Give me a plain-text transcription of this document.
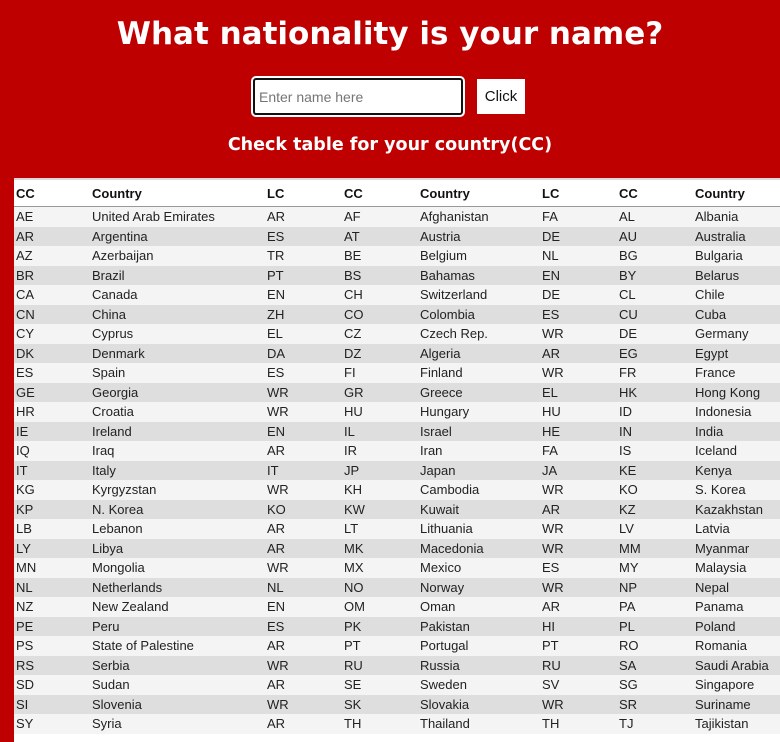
What nationality is your name?
Enter name here
Click
Check table for your country(CC)
CC	Country	LC	CC	Country	LC	CC	Country
AE	United Arab Emirates	AR	AF	Afghanistan	FA	AL	Albania
AR	Argentina	ES	AT	Austria	DE	AU	Australia
AZ	Azerbaijan	TR	BE	Belgium	NL	BG	Bulgaria
BR	Brazil	PT	BS	Bahamas	EN	BY	Belarus
CA	Canada	EN	CH	Switzerland	DE	CL	Chile
CN	China	ZH	CO	Colombia	ES	CU	Cuba
CY	Cyprus	EL	CZ	Czech Rep.	WR	DE	Germany
DK	Denmark	DA	DZ	Algeria	AR	EG	Egypt
ES	Spain	ES	FI	Finland	WR	FR	France
GE	Georgia	WR	GR	Greece	EL	HK	Hong Kong
HR	Croatia	WR	HU	Hungary	HU	ID	Indonesia
IE	Ireland	EN	IL	Israel	HE	IN	India
IQ	Iraq	AR	IR	Iran	FA	IS	Iceland
IT	Italy	IT	JP	Japan	JA	KE	Kenya
KG	Kyrgyzstan	WR	KH	Cambodia	WR	KO	S. Korea
KP	N. Korea	KO	KW	Kuwait	AR	KZ	Kazakhstan
LB	Lebanon	AR	LT	Lithuania	WR	LV	Latvia
LY	Libya	AR	MK	Macedonia	WR	MM	Myanmar
MN	Mongolia	WR	MX	Mexico	ES	MY	Malaysia
NL	Netherlands	NL	NO	Norway	WR	NP	Nepal
NZ	New Zealand	EN	OM	Oman	AR	PA	Panama
PE	Peru	ES	PK	Pakistan	HI	PL	Poland
PS	State of Palestine	AR	PT	Portugal	PT	RO	Romania
RS	Serbia	WR	RU	Russia	RU	SA	Saudi Arabia
SD	Sudan	AR	SE	Sweden	SV	SG	Singapore
SI	Slovenia	WR	SK	Slovakia	WR	SR	Suriname
SY	Syria	AR	TH	Thailand	TH	TJ	Tajikistan
